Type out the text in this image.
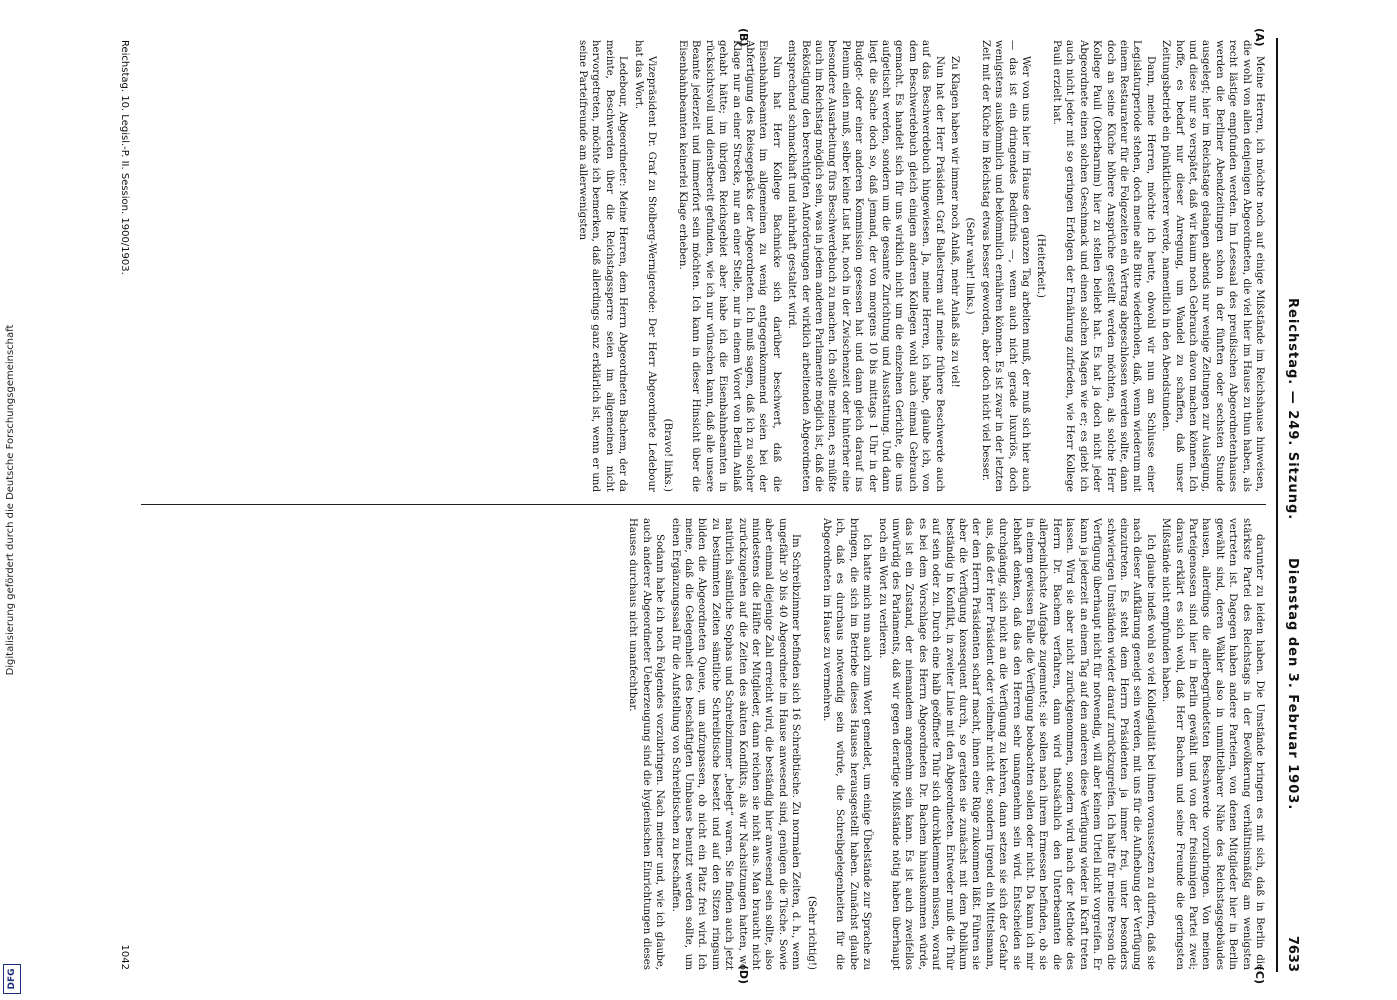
Digitalisierung gefördert durch die Deutsche Forschungsgemeinschaft
DFG
Reichstag. — 249. Sitzung.
Dienstag den 3. Februar 1903.
7633
(A)
(B)
(C)
(D)

Meine Herren, ich möchte noch auf einige Mißstände im Reichshause hinweisen, die wohl von allen denjenigen Abgeordneten, die viel hier im Hause zu thun haben, als recht lästige empfunden werden. Im Lesesaal des preußischen Abgeordnetenhauses werden die Berliner Abendzeitungen schon in der fünften oder sechsten Stunde ausgelegt; hier im Reichstage gelangen abends nur wenige Zeitungen zur Auslegung, und diese nur so verspätet, daß wir kaum noch Gebrauch davon machen können. Ich hoffe, es bedarf nur dieser Anregung, um Wandel zu schaffen, daß unser Zeitungsbetrieb ein pünktlicherer werde, namentlich in den Abendstunden.

Dann, meine Herren, möchte ich heute, obwohl wir nun am Schlusse einer Legislaturperiode stehen, doch meine alte Bitte wiederholen, daß, wenn wiederum mit einem Restaurateur für die Folgezeiten ein Vertrag abgeschlossen werden sollte, dann doch an seine Küche höhere Ansprüche gestellt werden möchten, als solche Herr Kollege Pauli (Oberbarnim) hier zu stellen beliebt hat. Es hat ja doch nicht jeder Abgeordnete einen solchen Geschmack und einen solchen Magen wie er; es giebt ich auch nicht jeder mit so geringen Erfolgen der Ernährung zufrieden, wie Herr Kollege Pauli erzielt hat.

(Heiterkeit.)

Wer von uns hier im Hause den ganzen Tag arbeiten muß, der muß sich hier auch — das ist ein dringendes Bedürfnis —, wenn auch nicht gerade luxuriös, doch wenigstens auskömmlich und bekömmlich ernähren können. Es ist zwar in der letzten Zeit mit der Küche im Reichstag etwas besser geworden, aber doch nicht viel besser.

(Sehr wahr! links.)

Zu Klagen haben wir immer noch Anlaß, mehr Anlaß als zu viel!

Nun hat der Herr Präsident Graf Ballestrem auf meine frühere Beschwerde auch auf das Beschwerdebuch hingewiesen. Ja, meine Herren, ich habe, glaube ich, von dem Beschwerdebuch gleich einigen anderen Kollegen wohl auch einmal Gebrauch gemacht. Es handelt sich für uns wirklich nicht um die einzelnen Gerichte, die uns aufgetischt werden, sondern um die gesamte Zurichtung und Ausstattung. Und dann liegt die Sache doch so, daß jemand, der von morgens 10 bis mittags 1 Uhr in der Budget- oder einer anderen Kommission gesessen hat und dann gleich darauf ins Plenum eilen muß, selber keine Lust hat, noch in der Zwischenzeit oder hinterher eine besondere Ausarbeitung fürs Beschwerdebuch zu machen. Ich sollte meinen, es müßte auch im Reichstag möglich sein, was in jedem anderen Parlamente möglich ist, daß die Beköstigung den berechtigten Anforderungen der wirklich arbeitenden Abgeordneten entsprechend schmackhaft und nahrhaft gestaltet wird.

Nun hat Herr Kollege Bachnicke sich darüber beschwert, daß die Eisenbahnbeamten im allgemeinen zu wenig entgegenkommend seien bei der Abfertigung des Reisegepäcks der Abgeordneten. Ich muß sagen, daß ich zu solcher Klage nur an einer Strecke, nur an einer Stelle, nur in einem Vorort von Berlin Anlaß gehabt hätte; im übrigen Reichsgebiet aber habe ich die Eisenbahnbeamten in rücksichtsvoll und dienstbereit gefunden, wie ich nur wünschen kann, daß alle unsere Beamte jederzeit und immerfort sein möchten. Ich kann in dieser Hinsicht über die Eisenbahnbeamten keinerlei Klage erheben.

(Bravo! links.)

Vizepräsident Dr. Graf zu Stolberg-Wernigerode: Der Herr Abgeordnete Ledebour hat das Wort.

Ledebour, Abgeordneter: Meine Herren, dem Herrn Abgeordneten Bachem, der da meinte, Beschwerden über die Reichstagssperre seien im allgemeinen nicht hervorgetreten, möchte ich bemerken, daß allerdings ganz erklärlich ist, wenn er und seine Parteifreunde am allerwenigsten

darunter zu leiden haben. Die Umstände bringen es mit sich, daß in Berlin die stärkste Partei des Reichstags in der Bevölkerung verhältnismäßig am wenigsten vertreten ist. Dagegen haben andere Parteien, von denen Mitglieder hier in Berlin gewählt sind, deren Wähler also in unmittelbarer Nähe des Reichstagsgebäudes hausen, allerdings die allerbegründetsten Beschwerde vorzubringen. Von meinen Parteigenossen sind hier in Berlin gewählt und von der freisinnigen Partei zwei; daraus erklärt es sich wohl, daß Herr Bachem und seine Freunde die geringsten Mißstände nicht empfunden haben.

Ich glaube indeß wohl so viel Kollegialität bei ihnen voraussetzen zu dürfen, daß sie nach dieser Aufklärung geneigt sein werden, mit uns für die Aufhebung der Verfügung einzutreten. Es steht dem Herrn Präsidenten ja immer frei, unter besonders schwierigen Umständen wieder darauf zurückzugreifen. Ich halte für meine Person die Verfügung überhaupt nicht für notwendig, will aber keinem Urteil nicht vorgreifen. Er kann ja jederzeit an einem Tag auf den anderen diese Verfügung wieder in Kraft treten lassen. Wird sie aber nicht zurückgenommen, sondern wird nach der Methode des Herrn Dr. Bachem verfahren, dann wird thatsächlich den Unterbeamten die allerpeinlichste Aufgabe zugemutet; sie sollen nach ihrem Ermessen befinden, ob sie in einem gewissen Falle die Verfügung beobachten sollen oder nicht. Da kann ich mir lebhaft denken, daß das den Herren sehr unangenehm sein wird. Entscheiden sie durchgängig, sich nicht an die Verfügung zu kehren, dann setzen sie sich der Gefahr aus, daß der Herr Präsident oder vielmehr nicht der, sondern irgend ein Mittelsmann, der den Herrn Präsidenten scharf macht, ihnen eine Rüge zukommen läßt. Führen sie aber die Verfügung konsequent durch, so geraten sie zunächst mit dem Publikum beständig in Konflikt, in zweiter Linie mit den Abgeordneten. Entweder muß die Thür auf sein oder zu. Durch eine halb geöffnete Thür sich durchklemmen müssen, worauf es bei dem Vorschlage des Herrn Abgeordneten Dr. Bachem hinauskommen würde, das ist ein Zustand, der niemandem angenehm sein kann. Es ist auch zweifellos unwürdig des Parlaments, daß wir gegen derartige Mißstände nötig haben überhaupt noch ein Wort zu verlieren.

Ich hatte mich nun auch zum Wort gemeldet, um einige Übelstände zur Sprache zu bringen, die sich im Betriebe dieses Hauses herausgestellt haben. Zunächst glaube ich, daß es durchaus notwendig sein würde, die Schreibgelegenheiten für die Abgeordneten im Hause zu vermehren.

(Sehr richtig!)

Im Schreibzimmer befinden sich 16 Schreibtische. Zu normalen Zeiten, d. h., wenn ungefähr 30 bis 40 Abgeordnete im Hause anwesend sind, genügen die Tische. Sowie aber einmal diejenige Zahl erreicht wird, die beständig hier anwesend sein sollte, also mindestens die Hälfte der Mitglieder, dann reichen sie nicht aus. Man braucht nicht zurückzugehen auf die Zeiten des akuten Konflikts, als wir Nachsitzungen hatten, wo natürlich sämtliche Sophas und Schreibzimmer „belegt“ waren. Sie finden auch jetzt zu bestimmten Zeiten sämtliche Schreibtische besetzt und auf den Sitzen ringsum bilden die Abgeordneten Queue, um aufzupassen, ob nicht ein Platz frei wird. Ich meine, daß die Gelegenheit des beschäftigten Umbaues benutzt werden sollte, um einen Ergänzungssaal für die Aufstellung von Schreibtischen zu beschaffen.

Sodann habe ich noch Folgendes vorzubringen. Nach meiner und, wie ich glaube, auch anderer Abgeordneter Ueberzeugung sind die hygienischen Einrichtungen dieses Hauses durchaus nicht unanfechtbar.

Reichstag. 10. Legisl.-P. II. Session. 1900/1903.
1042
